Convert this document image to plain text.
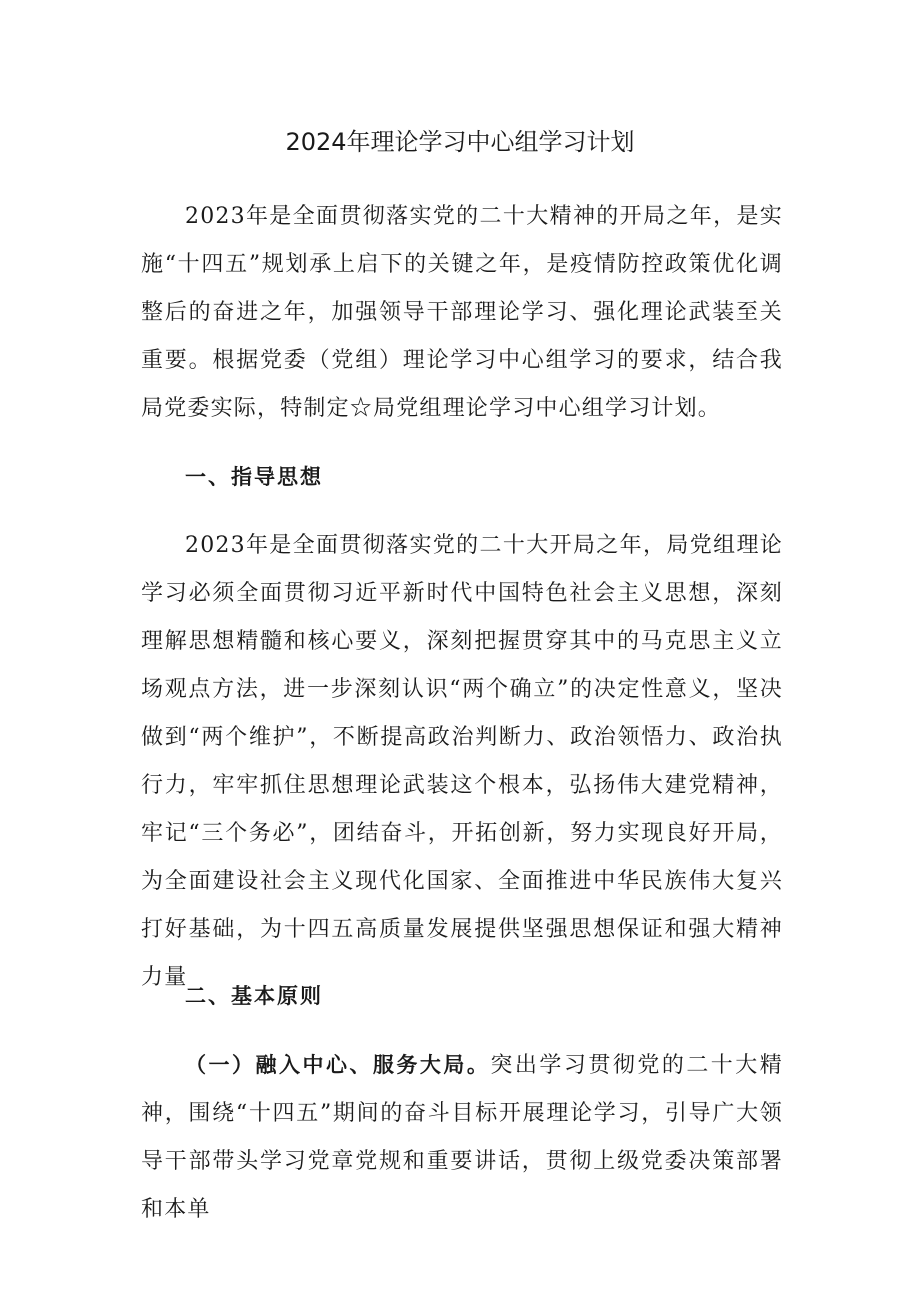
2024年理论学习中心组学习计划

2023年是全面贯彻落实党的二十大精神的开局之年，是实施“十四五”规划承上启下的关键之年，是疫情防控政策优化调整后的奋进之年，加强领导干部理论学习、强化理论武装至关重要。根据党委（党组）理论学习中心组学习的要求，结合我局党委实际，特制定☆局党组理论学习中心组学习计划。

一、指导思想

2023年是全面贯彻落实党的二十大开局之年，局党组理论学习必须全面贯彻习近平新时代中国特色社会主义思想，深刻理解思想精髓和核心要义，深刻把握贯穿其中的马克思主义立场观点方法，进一步深刻认识“两个确立”的决定性意义，坚决做到“两个维护”，不断提高政治判断力、政治领悟力、政治执行力，牢牢抓住思想理论武装这个根本，弘扬伟大建党精神，牢记“三个务必”，团结奋斗，开拓创新，努力实现良好开局，为全面建设社会主义现代化国家、全面推进中华民族伟大复兴打好基础，为十四五高质量发展提供坚强思想保证和强大精神力量

二、基本原则

（一）融入中心、服务大局。突出学习贯彻党的二十大精神，围绕“十四五”期间的奋斗目标开展理论学习，引导广大领导干部带头学习党章党规和重要讲话，贯彻上级党委决策部署和本单
